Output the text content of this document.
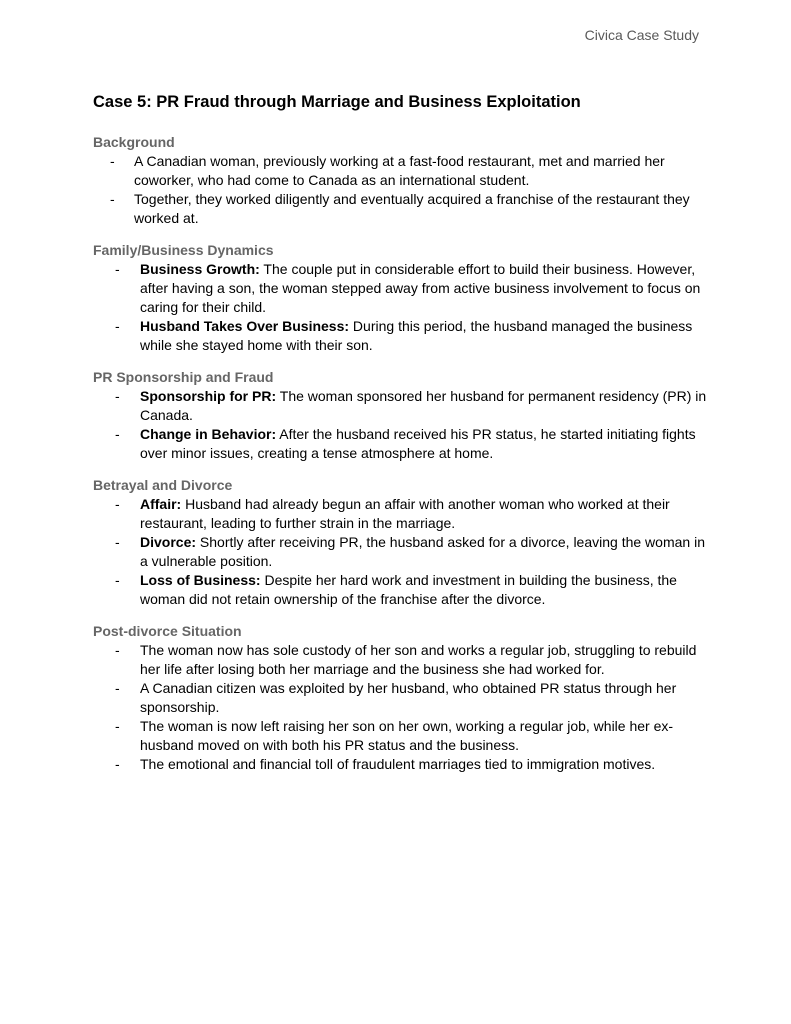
Civica Case Study
Case 5: PR Fraud through Marriage and Business Exploitation

Background

- A Canadian woman, previously working at a fast-food restaurant, met and married her coworker, who had come to Canada as an international student.
- Together, they worked diligently and eventually acquired a franchise of the restaurant they worked at.

Family/Business Dynamics

- Business Growth: The couple put in considerable effort to build their business. However, after having a son, the woman stepped away from active business involvement to focus on caring for their child.
- Husband Takes Over Business: During this period, the husband managed the business while she stayed home with their son.

PR Sponsorship and Fraud

- Sponsorship for PR: The woman sponsored her husband for permanent residency (PR) in Canada.
- Change in Behavior: After the husband received his PR status, he started initiating fights over minor issues, creating a tense atmosphere at home.

Betrayal and Divorce

- Affair: Husband had already begun an affair with another woman who worked at their restaurant, leading to further strain in the marriage.
- Divorce: Shortly after receiving PR, the husband asked for a divorce, leaving the woman in a vulnerable position.
- Loss of Business: Despite her hard work and investment in building the business, the woman did not retain ownership of the franchise after the divorce.

Post-divorce Situation

- The woman now has sole custody of her son and works a regular job, struggling to rebuild her life after losing both her marriage and the business she had worked for.
- A Canadian citizen was exploited by her husband, who obtained PR status through her sponsorship.
- The woman is now left raising her son on her own, working a regular job, while her ex-husband moved on with both his PR status and the business.
- The emotional and financial toll of fraudulent marriages tied to immigration motives.
